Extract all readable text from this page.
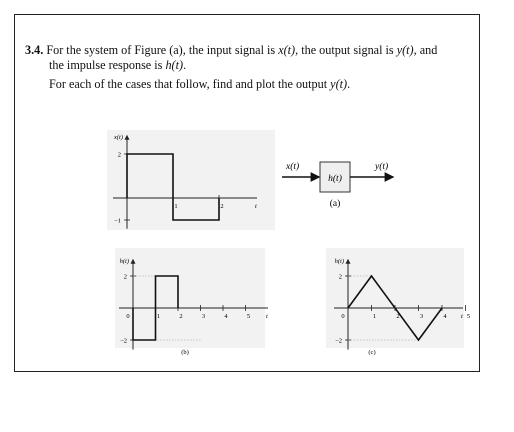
3.4. For the system of Figure (a), the input signal is x(t), the output signal is y(t), and
the impulse response is h(t).
For each of the cases that follow, find and plot the output y(t).
x(t)
t
1	2
2
−1
x(t)
h(t)
y(t)
(a)
h(t)
t
0	1	2	3	4	5
2
−2
(b)
h(t)
t
0	1	2	3	4	5
2
−2
(c)
